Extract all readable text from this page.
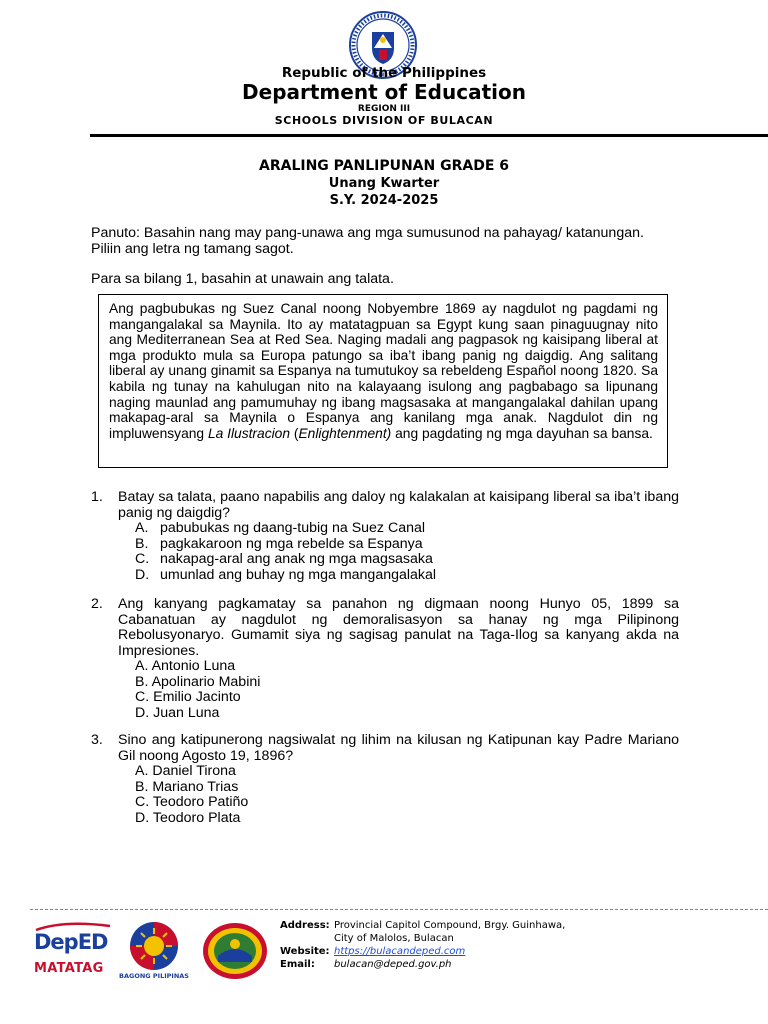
Republic of the Philippines
Department of Education
REGION III
SCHOOLS DIVISION OF BULACAN
ARALING PANLIPUNAN GRADE 6
Unang Kwarter
S.Y. 2024-2025
Panuto: Basahin nang may pang-unawa ang mga sumusunod na pahayag/ katanungan.
Piliin ang letra ng tamang sagot.
Para sa bilang 1, basahin at unawain ang talata.
Ang pagbubukas ng Suez Canal noong Nobyembre 1869 ay nagdulot ng pagdami ng mangangalakal sa Maynila. Ito ay matatagpuan sa Egypt kung saan pinaguugnay nito ang Mediterranean Sea at Red Sea. Naging madali ang pagpasok ng kaisipang liberal at mga produkto mula sa Europa patungo sa iba’t ibang panig ng daigdig. Ang salitang liberal ay unang ginamit sa Espanya na tumutukoy sa rebeldeng Español noong 1820. Sa kabila ng tunay na kahulugan nito na kalayaang isulong ang pagbabago sa lipunang naging maunlad ang pamumuhay ng ibang magsasaka at mangangalakal dahilan upang makapag-aral sa Maynila o Espanya ang kanilang mga anak. Nagdulot din ng impluwensyang La Ilustracion (Enlightenment) ang pagdating ng mga dayuhan sa bansa.
1. Batay sa talata, paano napabilis ang daloy ng kalakalan at kaisipang liberal sa iba’t ibang panig ng daigdig?
A. pabubukas ng daang-tubig na Suez Canal
B. pagkakaroon ng mga rebelde sa Espanya
C. nakapag-aral ang anak ng mga magsasaka
D. umunlad ang buhay ng mga mangangalakal
2. Ang kanyang pagkamatay sa panahon ng digmaan noong Hunyo 05, 1899 sa Cabanatuan ay nagdulot ng demoralisasyon sa hanay ng mga Pilipinong Rebolusyonaryo. Gumamit siya ng sagisag panulat na Taga-Ilog sa kanyang akda na Impresiones.
A. Antonio Luna
B. Apolinario Mabini
C. Emilio Jacinto
D. Juan Luna
3. Sino ang katipunerong nagsiwalat ng lihim na kilusan ng Katipunan kay Padre Mariano Gil noong Agosto 19, 1896?
A. Daniel Tirona
B. Mariano Trias
C. Teodoro Patiño
D. Teodoro Plata
DepED
MATATAG BAGONG PILIPINAS
Address: Provincial Capitol Compound, Brgy. Guinhawa,
City of Malolos, Bulacan
Website: https://bulacandeped.com
Email: bulacan@deped.gov.ph
